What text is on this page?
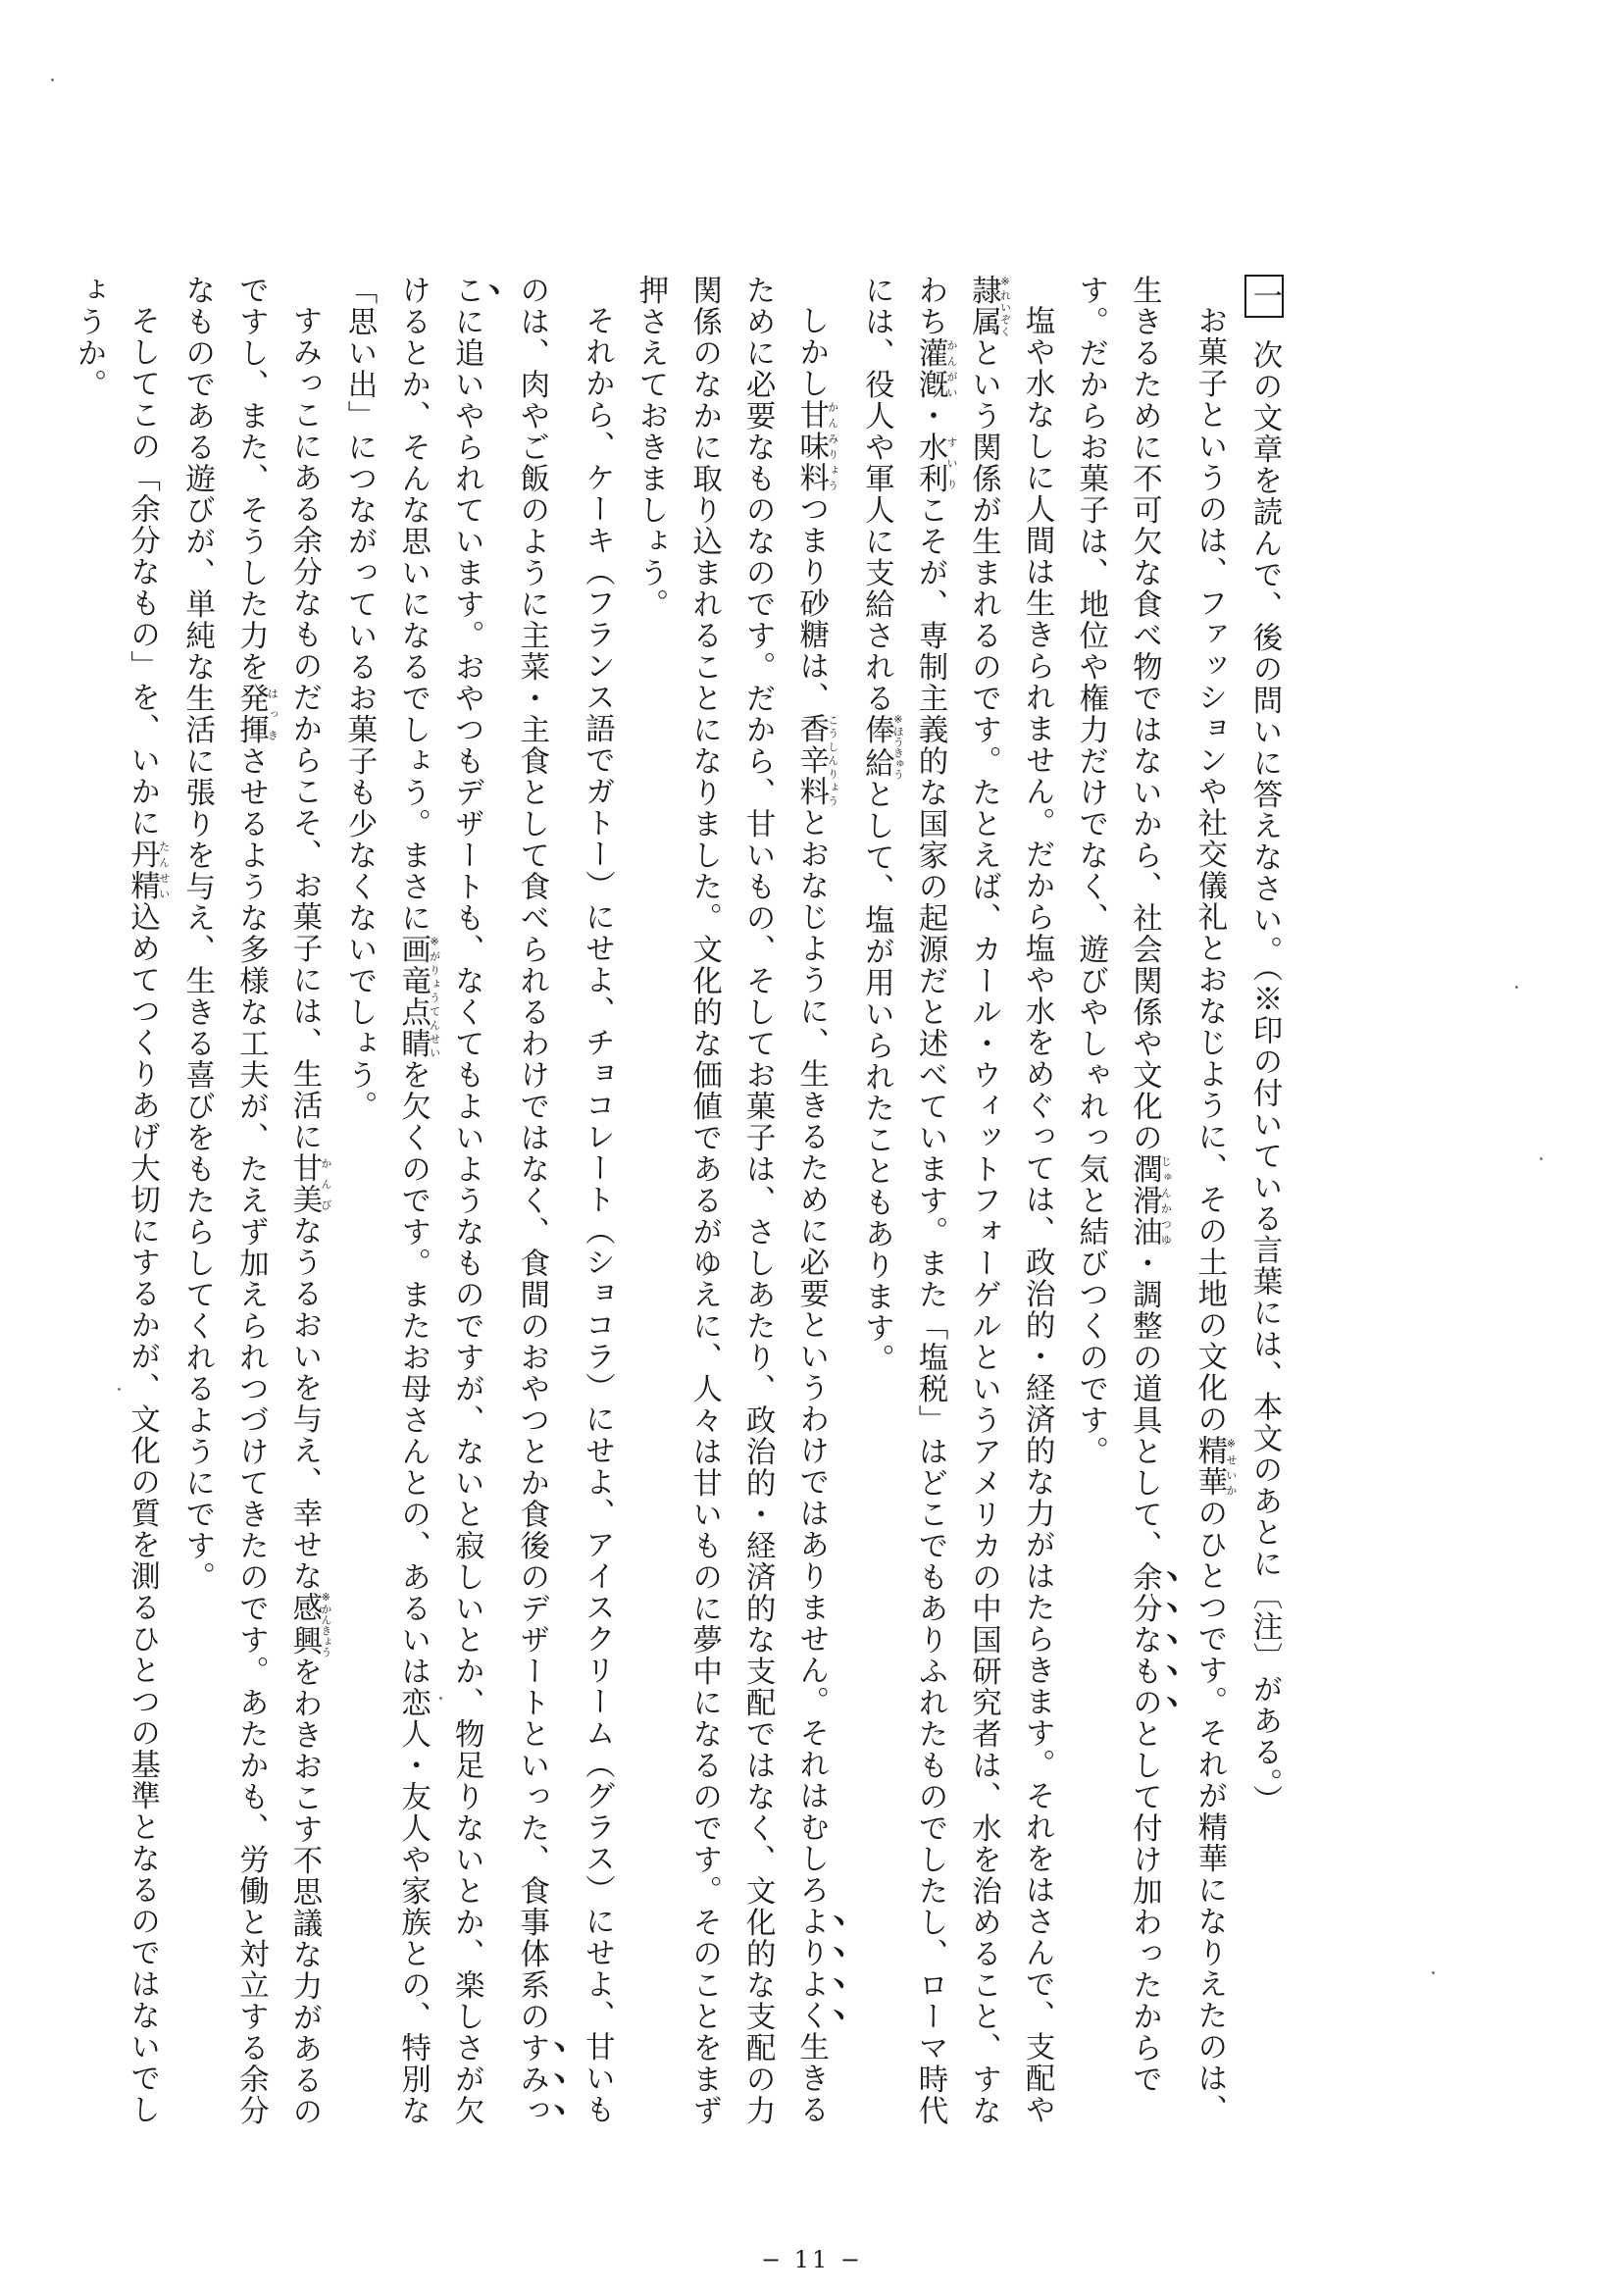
一次の文章を読んで、後の問いに答えなさい。（※印の付いている言葉には、本文のあとに〔注〕がある。）
お菓子というのは、ファッションや社交儀礼とおなじように、その土地の文化の精華※せいかのひとつです。それが精華になりえたのは、生きるために不可欠な食べ物ではないから、社会関係や文化の潤滑油じゅんかつゆ・調整の道具として、余分なものとして付け加わったからです。だからお菓子は、地位や権力だけでなく、遊びやしゃれっ気と結びつくのです。
塩や水なしに人間は生きられません。だから塩や水をめぐっては、政治的・経済的な力がはたらきます。それをはさんで、支配や隷属※れいぞくという関係が生まれるのです。たとえば、カール・ウィットフォーゲルというアメリカの中国研究者は、水を治めること、すなわち灌漑かんがい・水利すいりこそが、専制主義的な国家の起源だと述べています。また「塩税」はどこでもありふれたものでしたし、ローマ時代には、役人や軍人に支給される俸給※ほうきゅうとして、塩が用いられたこともあります。
しかし甘味料かんみりょうつまり砂糖は、香辛料こうしんりょうとおなじように、生きるために必要というわけではありません。それはむしろよりよく生きるために必要なものなのです。だから、甘いもの、そしてお菓子は、さしあたり、政治的・経済的な支配ではなく、文化的な支配の力関係のなかに取り込まれることになりました。文化的な価値であるがゆえに、人々は甘いものに夢中になるのです。そのことをまず押さえておきましょう。
それから、ケーキ（フランス語でガトー）にせよ、チョコレート（ショコラ）にせよ、アイスクリーム（グラス）にせよ、甘いものは、肉やご飯のように主菜・主食として食べられるわけではなく、食間のおやつとか食後のデザートといった、食事体系のすみっこに追いやられています。おやつもデザートも、なくてもよいようなものですが、ないと寂しいとか、物足りないとか、楽しさが欠けるとか、そんな思いになるでしょう。まさに画竜点睛※がりょうてんせいを欠くのです。またお母さんとの、あるいは恋人・友人や家族との、特別な「思い出」につながっているお菓子も少なくないでしょう。
すみっこにある余分なものだからこそ、お菓子には、生活に甘美かんびなうるおいを与え、幸せな感興※かんきょうをわきおこす不思議な力があるのですし、また、そうした力を発揮はっきさせるような多様な工夫が、たえず加えられつづけてきたのです。あたかも、労働と対立する余分なものである遊びが、単純な生活に張りを与え、生きる喜びをもたらしてくれるようにです。
そしてこの「余分なもの」を、いかに丹精たんせい込めてつくりあげ大切にするかが、文化の質を測るひとつの基準となるのではないでしょうか。
− 11 −
